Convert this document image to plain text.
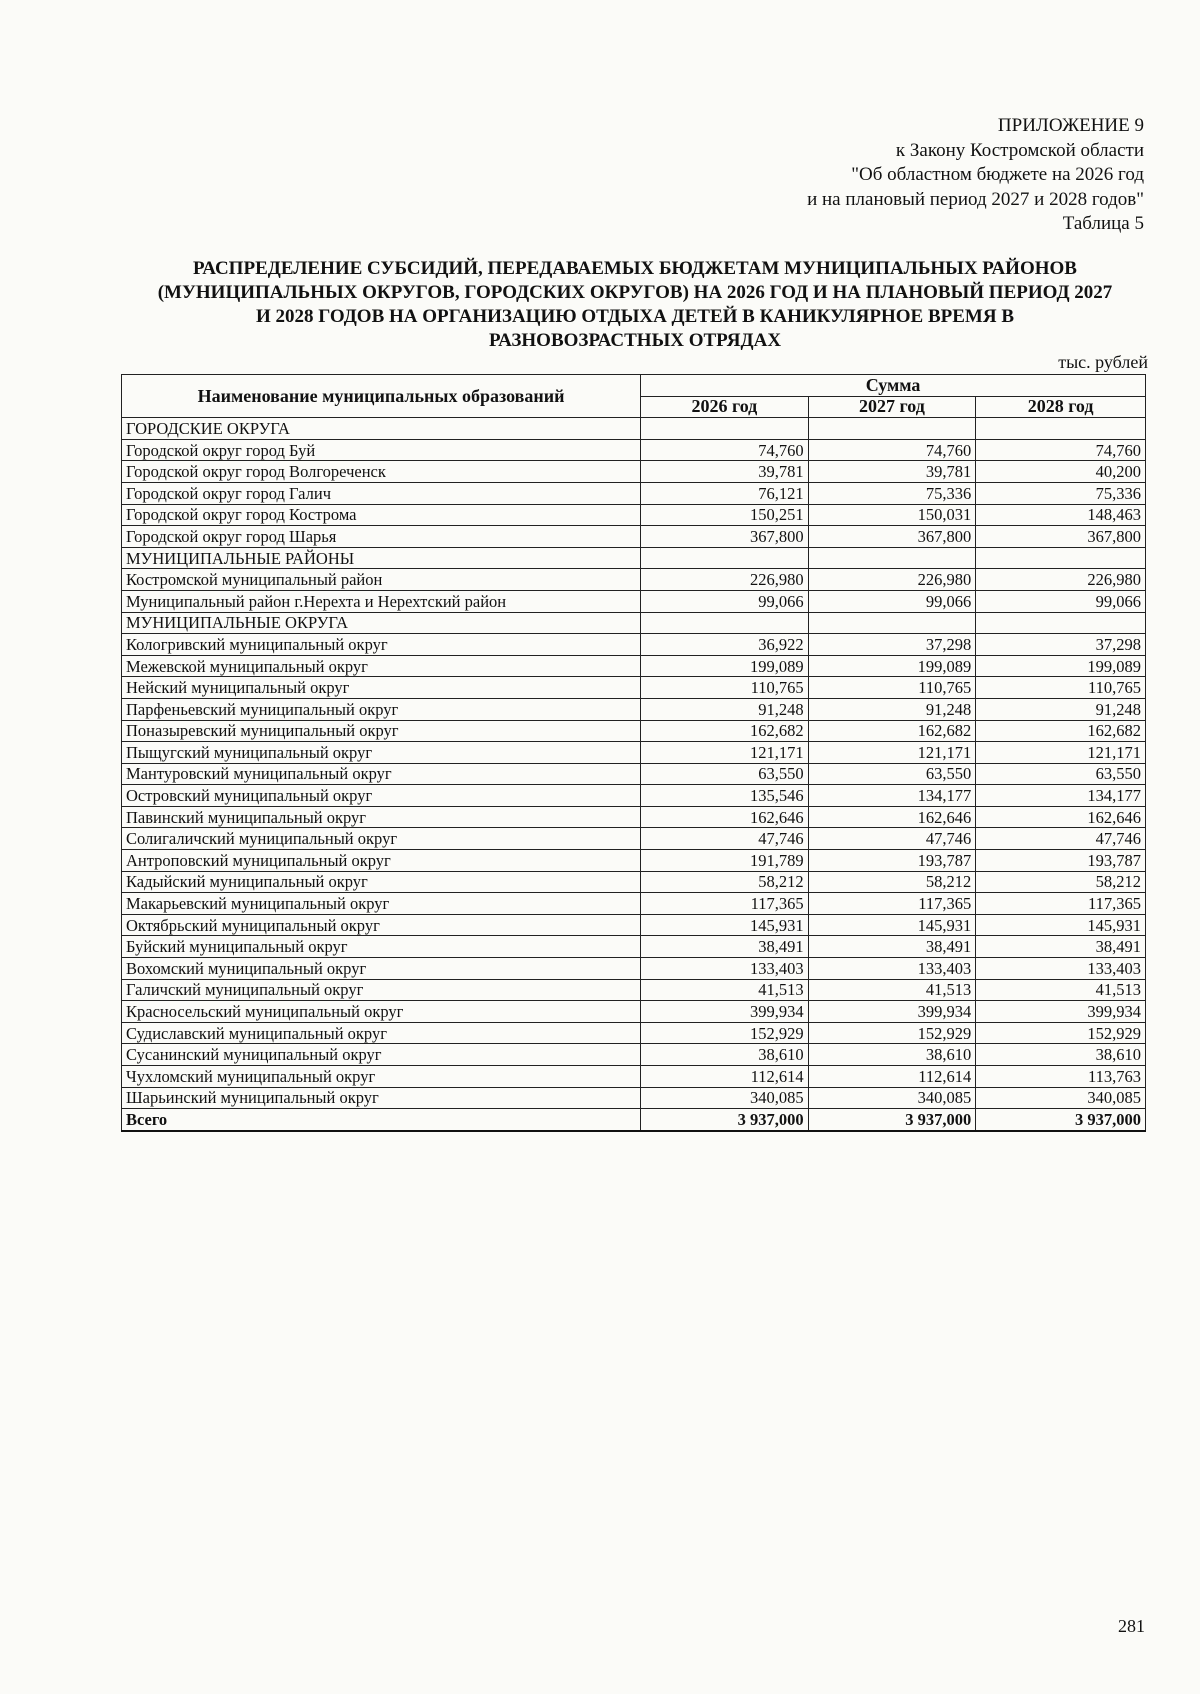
ПРИЛОЖЕНИЕ 9
к Закону Костромской области
"Об областном бюджете на 2026 год
и на плановый период 2027 и 2028 годов"
Таблица 5
РАСПРЕДЕЛЕНИЕ СУБСИДИЙ, ПЕРЕДАВАЕМЫХ БЮДЖЕТАМ МУНИЦИПАЛЬНЫХ РАЙОНОВ
(МУНИЦИПАЛЬНЫХ ОКРУГОВ, ГОРОДСКИХ ОКРУГОВ) НА 2026 ГОД И НА ПЛАНОВЫЙ ПЕРИОД 2027
И 2028 ГОДОВ НА ОРГАНИЗАЦИЮ ОТДЫХА ДЕТЕЙ В КАНИКУЛЯРНОЕ ВРЕМЯ В
РАЗНОВОЗРАСТНЫХ ОТРЯДАХ
тыс. рублей
Наименование муниципальных образований	Сумма		
	2026 год	2027 год	2028 год
ГОРОДСКИЕ ОКРУГА			
Городской округ город Буй	74,760	74,760	74,760
Городской округ город Волгореченск	39,781	39,781	40,200
Городской округ город Галич	76,121	75,336	75,336
Городской округ город Кострома	150,251	150,031	148,463
Городской округ город Шарья	367,800	367,800	367,800
МУНИЦИПАЛЬНЫЕ РАЙОНЫ			
Костромской муниципальный район	226,980	226,980	226,980
Муниципальный район г.Нерехта и Нерехтский район	99,066	99,066	99,066
МУНИЦИПАЛЬНЫЕ ОКРУГА			
Кологривский муниципальный округ	36,922	37,298	37,298
Межевской муниципальный округ	199,089	199,089	199,089
Нейский муниципальный округ	110,765	110,765	110,765
Парфеньевский муниципальный округ	91,248	91,248	91,248
Поназыревский муниципальный округ	162,682	162,682	162,682
Пыщугский муниципальный округ	121,171	121,171	121,171
Мантуровский муниципальный округ	63,550	63,550	63,550
Островский муниципальный округ	135,546	134,177	134,177
Павинский муниципальный округ	162,646	162,646	162,646
Солигаличский муниципальный округ	47,746	47,746	47,746
Антроповский муниципальный округ	191,789	193,787	193,787
Кадыйский муниципальный округ	58,212	58,212	58,212
Макарьевский муниципальный округ	117,365	117,365	117,365
Октябрьский муниципальный округ	145,931	145,931	145,931
Буйский муниципальный округ	38,491	38,491	38,491
Вохомский муниципальный округ	133,403	133,403	133,403
Галичский муниципальный округ	41,513	41,513	41,513
Красносельский муниципальный округ	399,934	399,934	399,934
Судиславский муниципальный округ	152,929	152,929	152,929
Сусанинский муниципальный округ	38,610	38,610	38,610
Чухломский муниципальный округ	112,614	112,614	113,763
Шарьинский муниципальный округ	340,085	340,085	340,085
Всего	3 937,000	3 937,000	3 937,000
281
